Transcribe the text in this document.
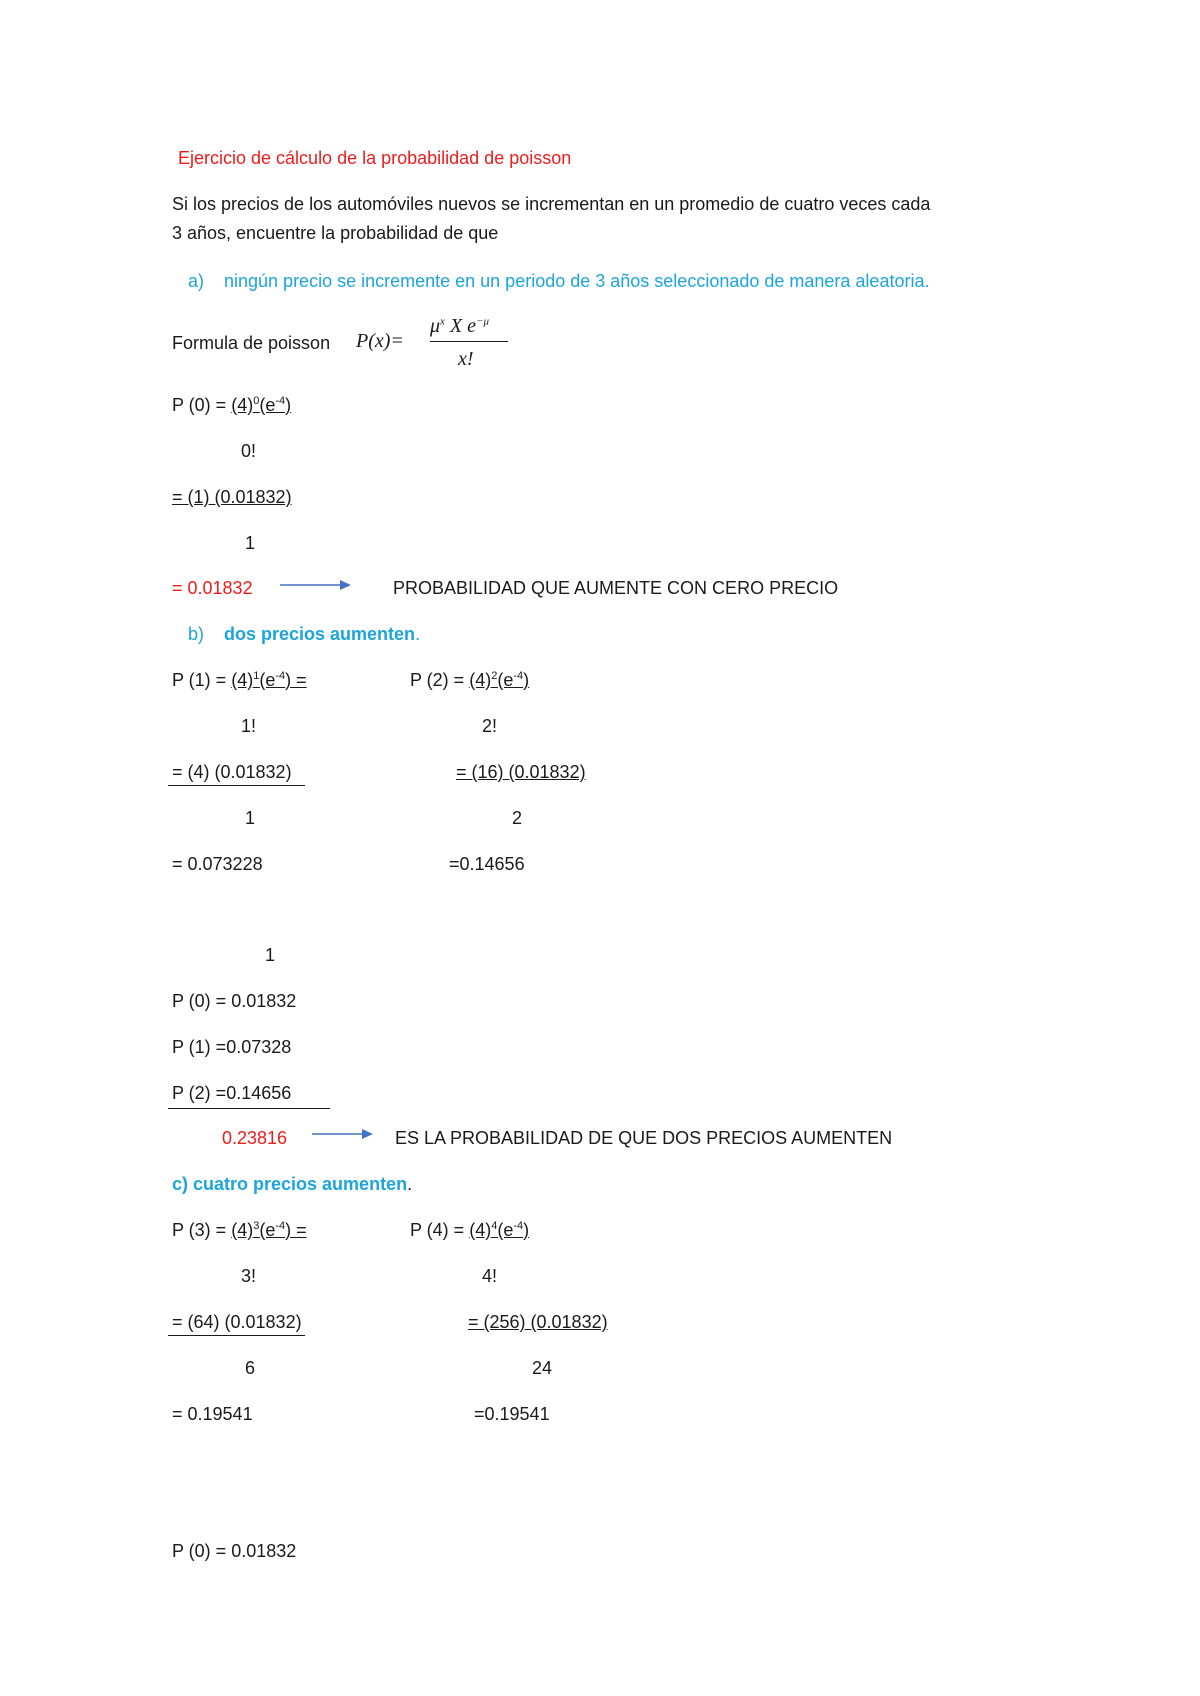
Ejercicio de cálculo de la probabilidad de poisson
Si los precios de los automóviles nuevos se incrementan en un promedio de cuatro veces cada
3 años, encuentre la probabilidad de que
a) ningún precio se incremente en un periodo de 3 años seleccionado de manera aleatoria.
Formula de poisson P(x)=
$\mu^x$ X $e^{-\mu}$
x!
P $(0) = (4)^0(e^{-4})$
0!
= (1) (0.01832)
1
= 0.01832	PROBABILIDAD QUE AUMENTE CON CERO PRECIO
b) dos precios aumenten.
P $(1) = (4)^1(e^{-4})$ =	P $(2) = (4)^2(e^{-4})$
1!	2!
= (4) (0.01832)	= (16) (0.01832)
1	2
= 0.073228	=0.14656
1
P (0) = 0.01832
P (1) =0.07328
P (2) =0.14656
0.23816	ES LA PROBABILIDAD DE QUE DOS PRECIOS AUMENTEN
c) cuatro precios aumenten.
P $(3) = (4)^3(e^{-4})$ =	P $(4) = (4)^4(e^{-4})$
3!	4!
= (64) (0.01832)	= (256) (0.01832)
6	24
= 0.19541	=0.19541
P (0) = 0.01832
